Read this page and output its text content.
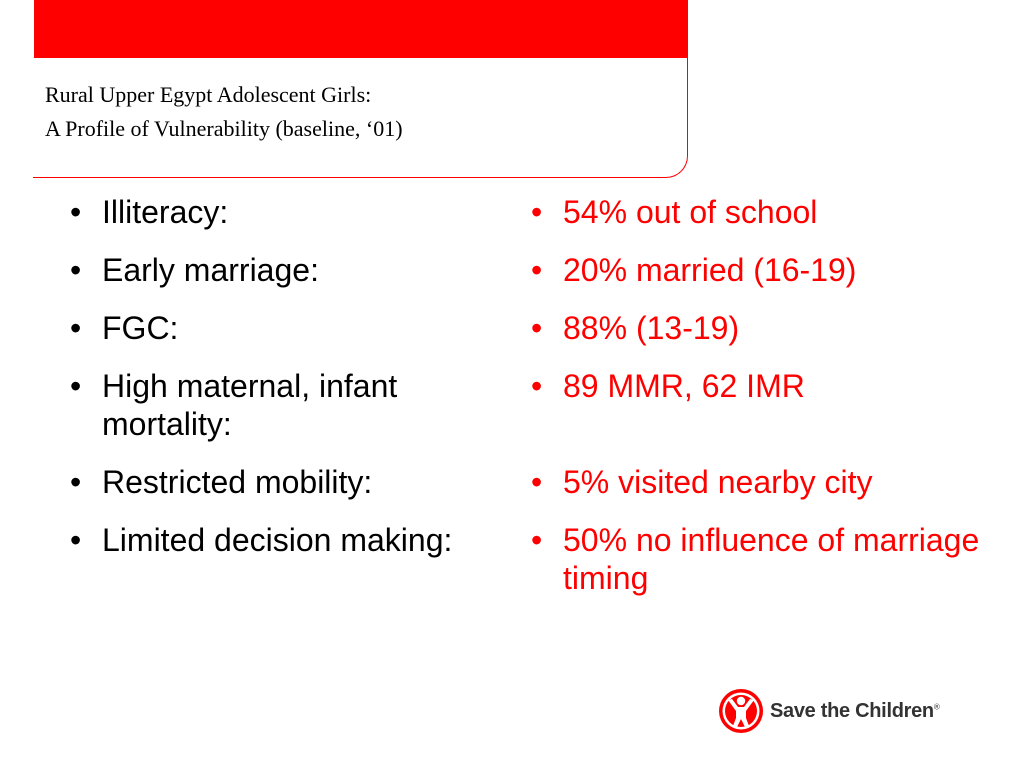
Rural Upper Egypt Adolescent Girls:
A Profile of Vulnerability (baseline, ‘01)
• Illiteracy:
• Early marriage:
• FGC:
• High maternal, infant mortality:
• Restricted mobility:
• Limited decision making:
• 54% out of school
• 20% married (16-19)
• 88% (13-19)
• 89 MMR, 62 IMR
• 5% visited nearby city
• 50% no influence of marriage timing
Save the Children®
